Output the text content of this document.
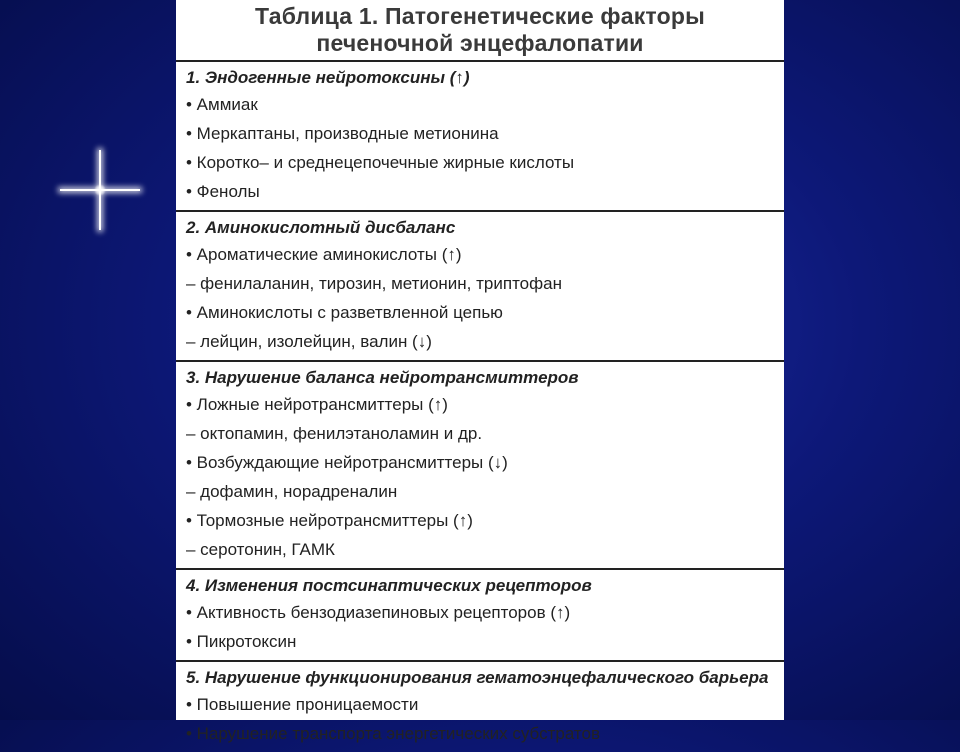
Таблица 1. Патогенетические факторы
печеночной энцефалопатии

1. Эндогенные нейротоксины (↑)

• Аммиак

• Меркаптаны, производные метионина

• Коротко– и среднецепочечные жирные кислоты

• Фенолы

2. Аминокислотный дисбаланс

• Ароматические аминокислоты (↑)

– фенилаланин, тирозин, метионин, триптофан

• Аминокислоты с разветвленной цепью

– лейцин, изолейцин, валин (↓)

3. Нарушение баланса нейротрансмиттеров

• Ложные нейротрансмиттеры (↑)

– октопамин, фенилэтаноламин и др.

• Возбуждающие нейротрансмиттеры (↓)

– дофамин, норадреналин

• Тормозные нейротрансмиттеры (↑)

– серотонин, ГАМК

4. Изменения постсинаптических рецепторов

• Активность бензодиазепиновых рецепторов (↑)

• Пикротоксин

5. Нарушение функционирования гематоэнцефалического барьера

• Повышение проницаемости

• Нарушение транспорта энергетических субстратов
